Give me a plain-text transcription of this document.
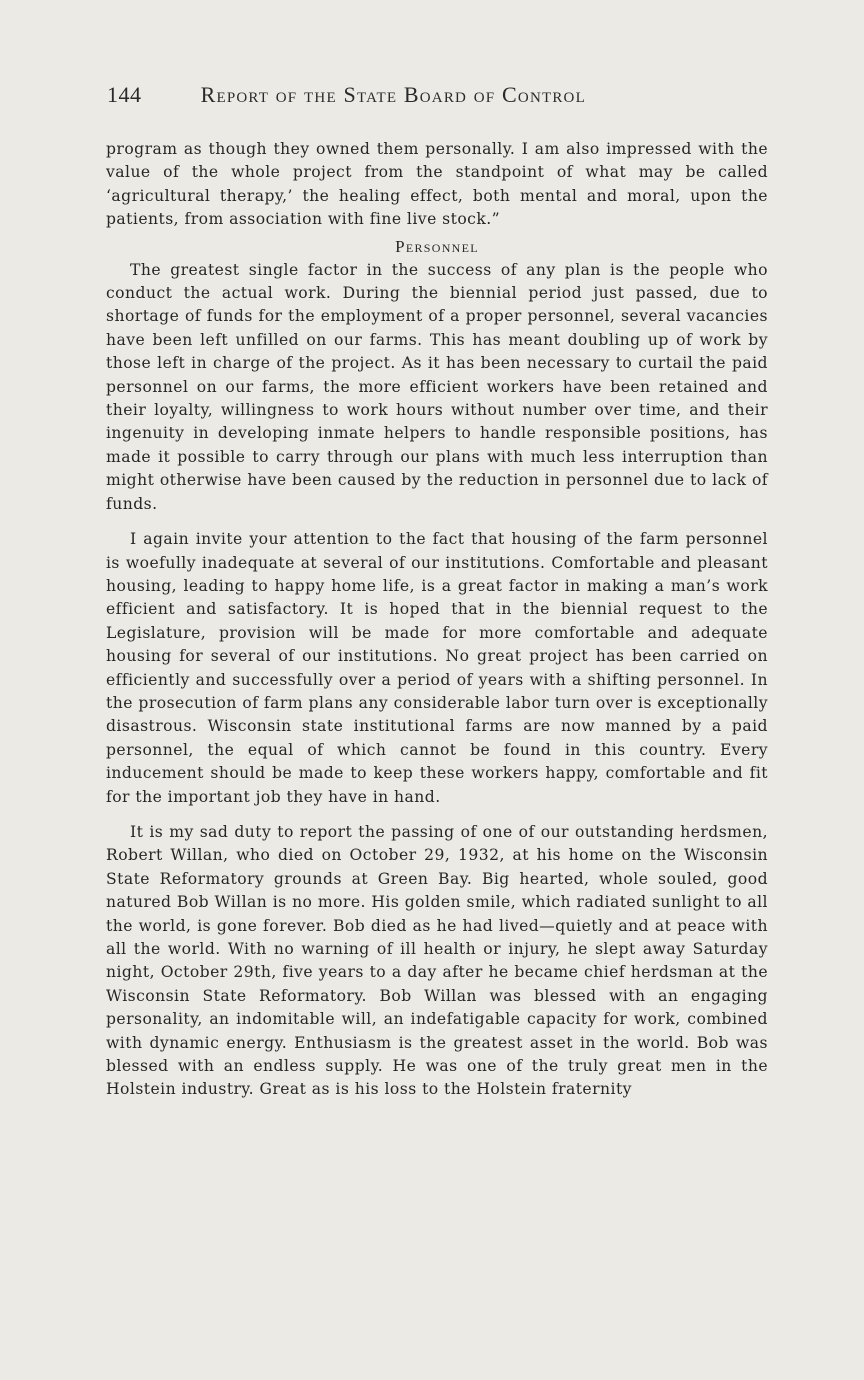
144	Report of the State Board of Control

program as though they owned them personally. I am also impressed with the value of the whole project from the standpoint of what may be called ‘agricultural therapy,’ the healing effect, both mental and moral, upon the patients, from association with fine live stock.”

Personnel

The greatest single factor in the success of any plan is the people who conduct the actual work. During the biennial period just passed, due to shortage of funds for the employment of a proper personnel, several vacancies have been left unfilled on our farms. This has meant doubling up of work by those left in charge of the project. As it has been necessary to curtail the paid personnel on our farms, the more efficient workers have been retained and their loyalty, willingness to work hours without number over time, and their ingenuity in developing inmate helpers to handle responsible positions, has made it possible to carry through our plans with much less interruption than might otherwise have been caused by the reduction in personnel due to lack of funds.

I again invite your attention to the fact that housing of the farm personnel is woefully inadequate at several of our institutions. Comfortable and pleasant housing, leading to happy home life, is a great factor in making a man’s work efficient and satisfactory. It is hoped that in the biennial request to the Legislature, provision will be made for more comfortable and adequate housing for several of our institutions. No great project has been carried on efficiently and successfully over a period of years with a shifting personnel. In the prosecution of farm plans any considerable labor turn over is exceptionally disastrous. Wisconsin state institutional farms are now manned by a paid personnel, the equal of which cannot be found in this country. Every inducement should be made to keep these workers happy, comfortable and fit for the important job they have in hand.

It is my sad duty to report the passing of one of our outstanding herdsmen, Robert Willan, who died on October 29, 1932, at his home on the Wisconsin State Reformatory grounds at Green Bay. Big hearted, whole souled, good natured Bob Willan is no more. His golden smile, which radiated sunlight to all the world, is gone forever. Bob died as he had lived—quietly and at peace with all the world. With no warning of ill health or injury, he slept away Saturday night, October 29th, five years to a day after he became chief herdsman at the Wisconsin State Reformatory. Bob Willan was blessed with an engaging personality, an indomitable will, an indefatigable capacity for work, combined with dynamic energy. Enthusiasm is the greatest asset in the world. Bob was blessed with an endless supply. He was one of the truly great men in the Holstein industry. Great as is his loss to the Holstein fraternity
